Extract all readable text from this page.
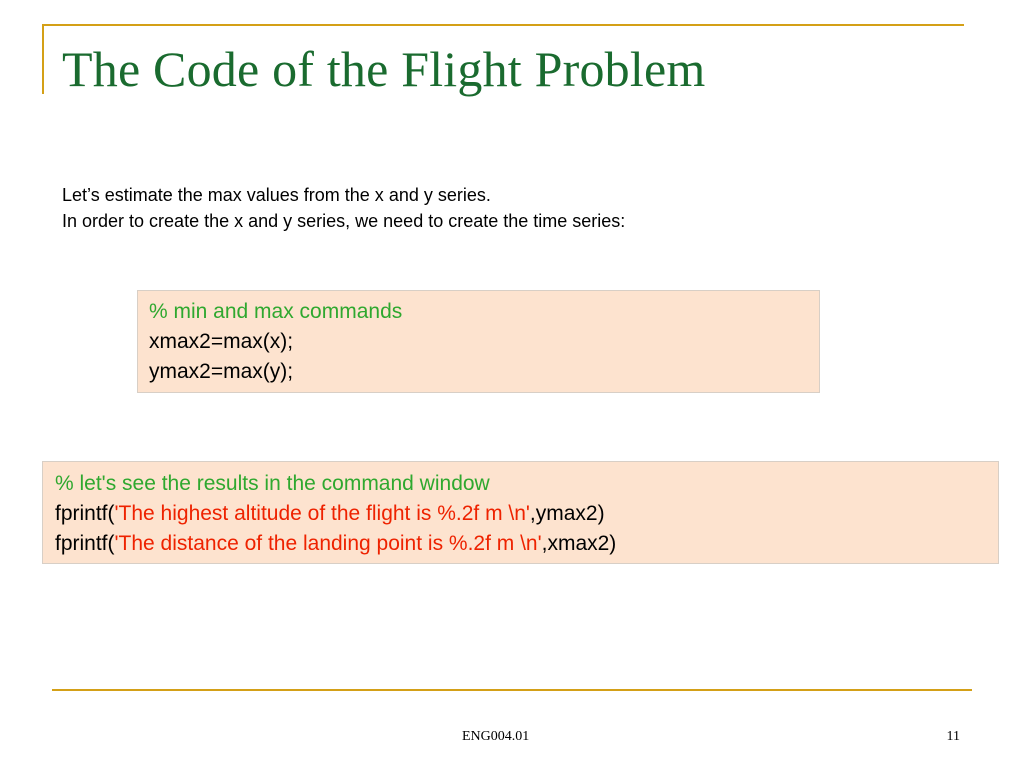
The Code of the Flight Problem

Let’s estimate the max values from the x and y series.

In order to create the x and y series, we need to create the time series:

% min and max commands
xmax2=max(x);
ymax2=max(y);
% let's see the results in the command window
fprintf('The highest altitude of the flight is %.2f m \n',ymax2)
fprintf('The distance of the landing point is %.2f m \n',xmax2)
ENG004.01	11
